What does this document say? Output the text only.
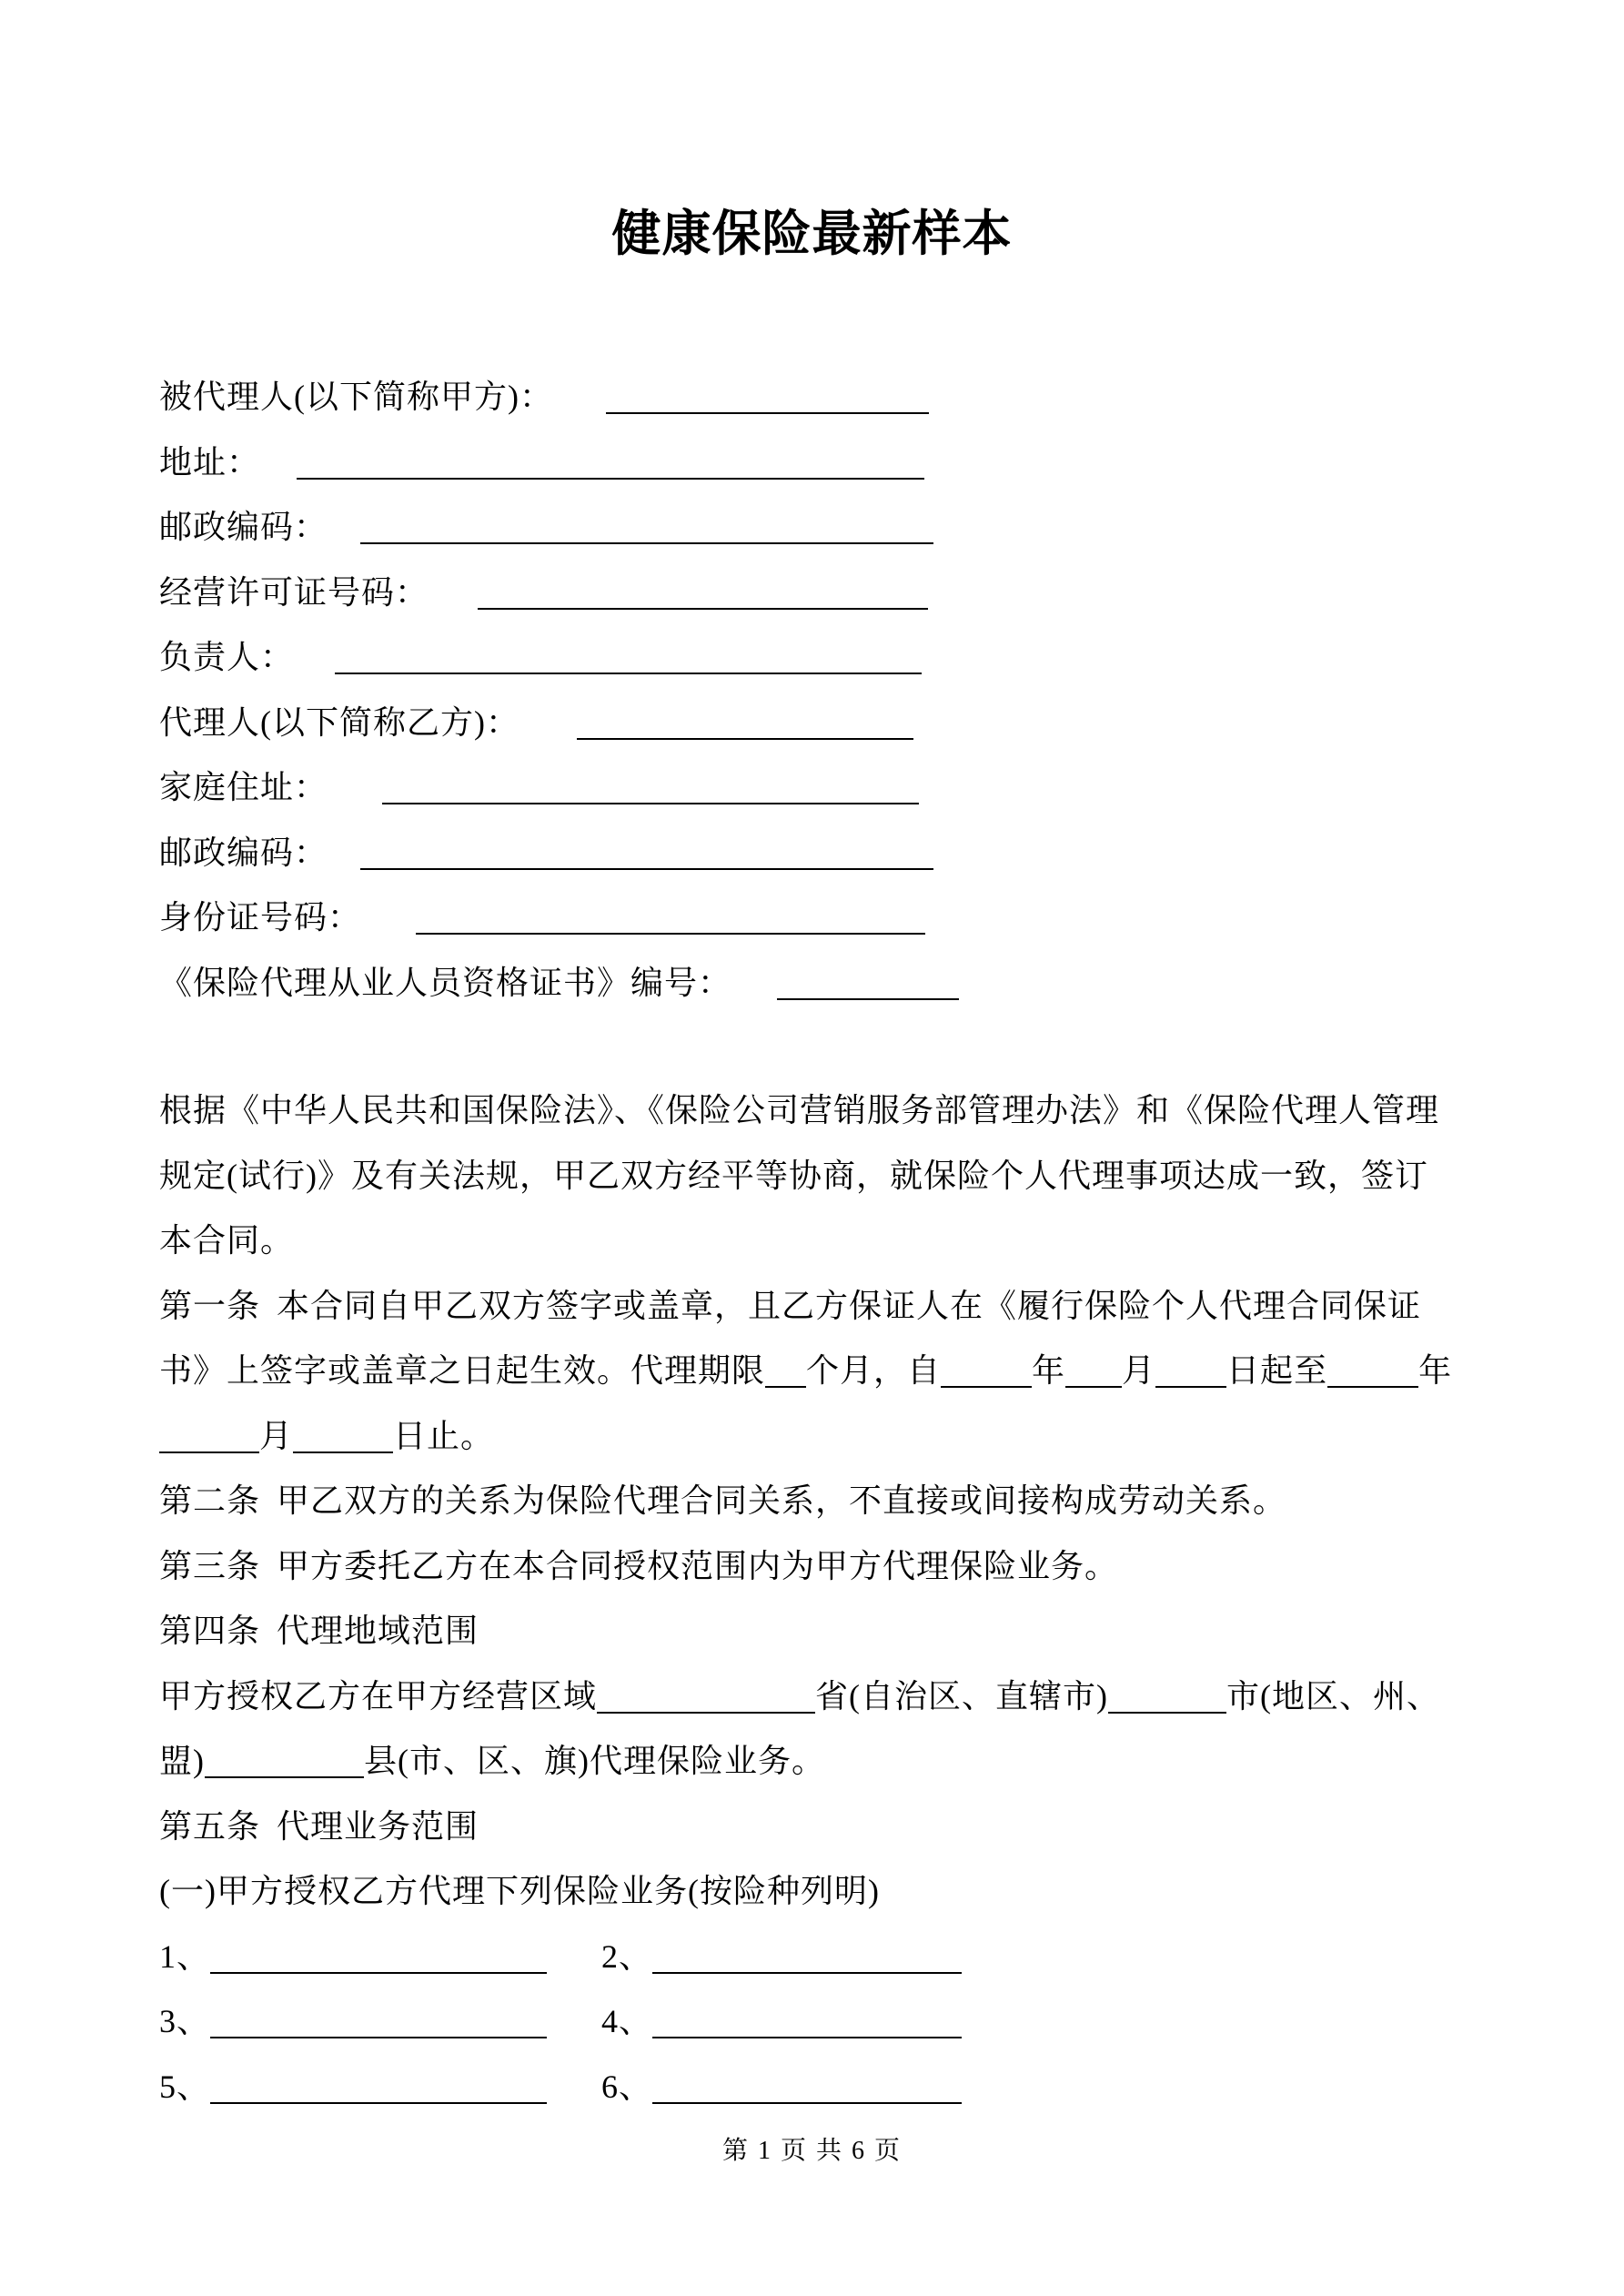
健康保险最新样本
被代理人(以下简称甲方)：
地址：
邮政编码：
经营许可证号码：
负责人：
代理人(以下简称乙方)：
家庭住址：
邮政编码：
身份证号码：
《保险代理从业人员资格证书》编号：
根据《中华人民共和国保险法》、《保险公司营销服务部管理办法》和《保险代理人管理
规定(试行)》及有关法规，甲乙双方经平等协商，就保险个人代理事项达成一致，签订
本合同。
第一条 本合同自甲乙双方签字或盖章，且乙方保证人在《履行保险个人代理合同保证
书》上签字或盖章之日起生效。代理期限 个月，自	年 月 日起至	年
月	日止。
第二条 甲乙双方的关系为保险代理合同关系，不直接或间接构成劳动关系。
第三条 甲方委托乙方在本合同授权范围内为甲方代理保险业务。
第四条 代理地域范围
甲方授权乙方在甲方经营区域	省(自治区、直辖市)	市(地区、州、
盟)	县(市、区、旗)代理保险业务。
第五条 代理业务范围
(一)甲方授权乙方代理下列保险业务(按险种列明)
1、	2、
3、	4、
5、	6、
第 1 页 共 6 页
